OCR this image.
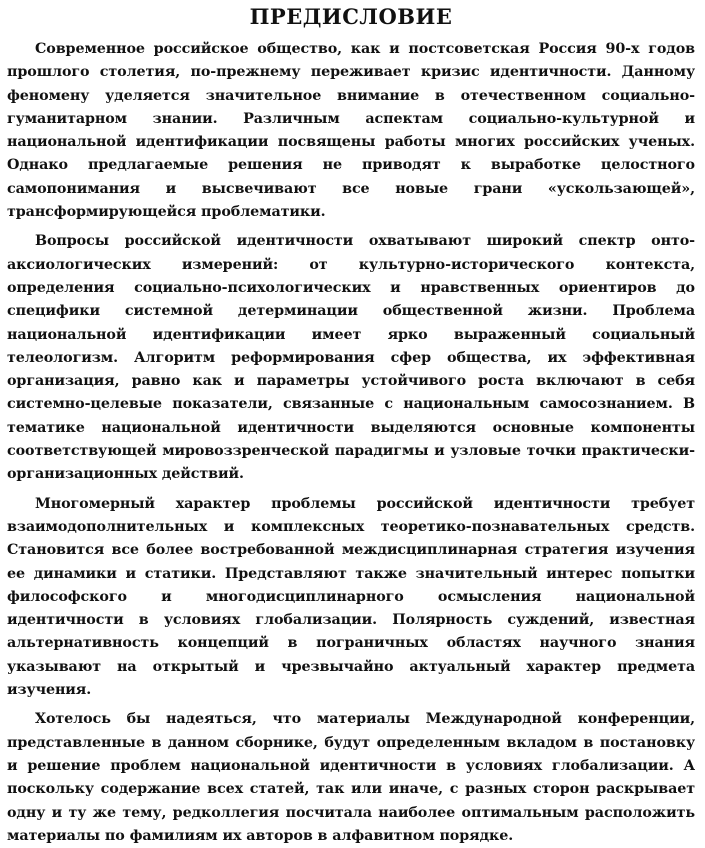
ПРЕДИСЛОВИЕ

Современное российское общество, как и постсоветская Россия 90-х годов прошлого столетия, по-прежнему переживает кризис идентичности. Данному феномену уделяется значительное внимание в отечественном социально-гуманитарном знании. Различным аспектам социально-культурной и национальной идентификации посвящены работы многих российских ученых. Однако предлагаемые решения не приводят к выработке целостного самопонимания и высвечивают все новые грани «ускользающей», трансформирующейся проблематики.

Вопросы российской идентичности охватывают широкий спектр онто-аксиологических измерений: от культурно-исторического контекста, определения социально-психологических и нравственных ориентиров до специфики системной детерминации общественной жизни. Проблема национальной идентификации имеет ярко выраженный социальный телеологизм. Алгоритм реформирования сфер общества, их эффективная организация, равно как и параметры устойчивого роста включают в себя системно-целевые показатели, связанные с национальным самосознанием. В тематике национальной идентичности выделяются основные компоненты соответствующей мировоззренческой парадигмы и узловые точки практически-организационных действий.

Многомерный характер проблемы российской идентичности требует взаимодополнительных и комплексных теоретико-познавательных средств. Становится все более востребованной междисциплинарная стратегия изучения ее динамики и статики. Представляют также значительный интерес попытки философского и многодисциплинарного осмысления национальной идентичности в условиях глобализации. Полярность суждений, известная альтернативность концепций в пограничных областях научного знания указывают на открытый и чрезвычайно актуальный характер предмета изучения.

Хотелось бы надеяться, что материалы Международной конференции, представленные в данном сборнике, будут определенным вкладом в постановку и решение проблем национальной идентичности в условиях глобализации. А поскольку содержание всех статей, так или иначе, с разных сторон раскрывает одну и ту же тему, редколлегия посчитала наиболее оптимальным расположить материалы по фамилиям их авторов в алфавитном порядке.
